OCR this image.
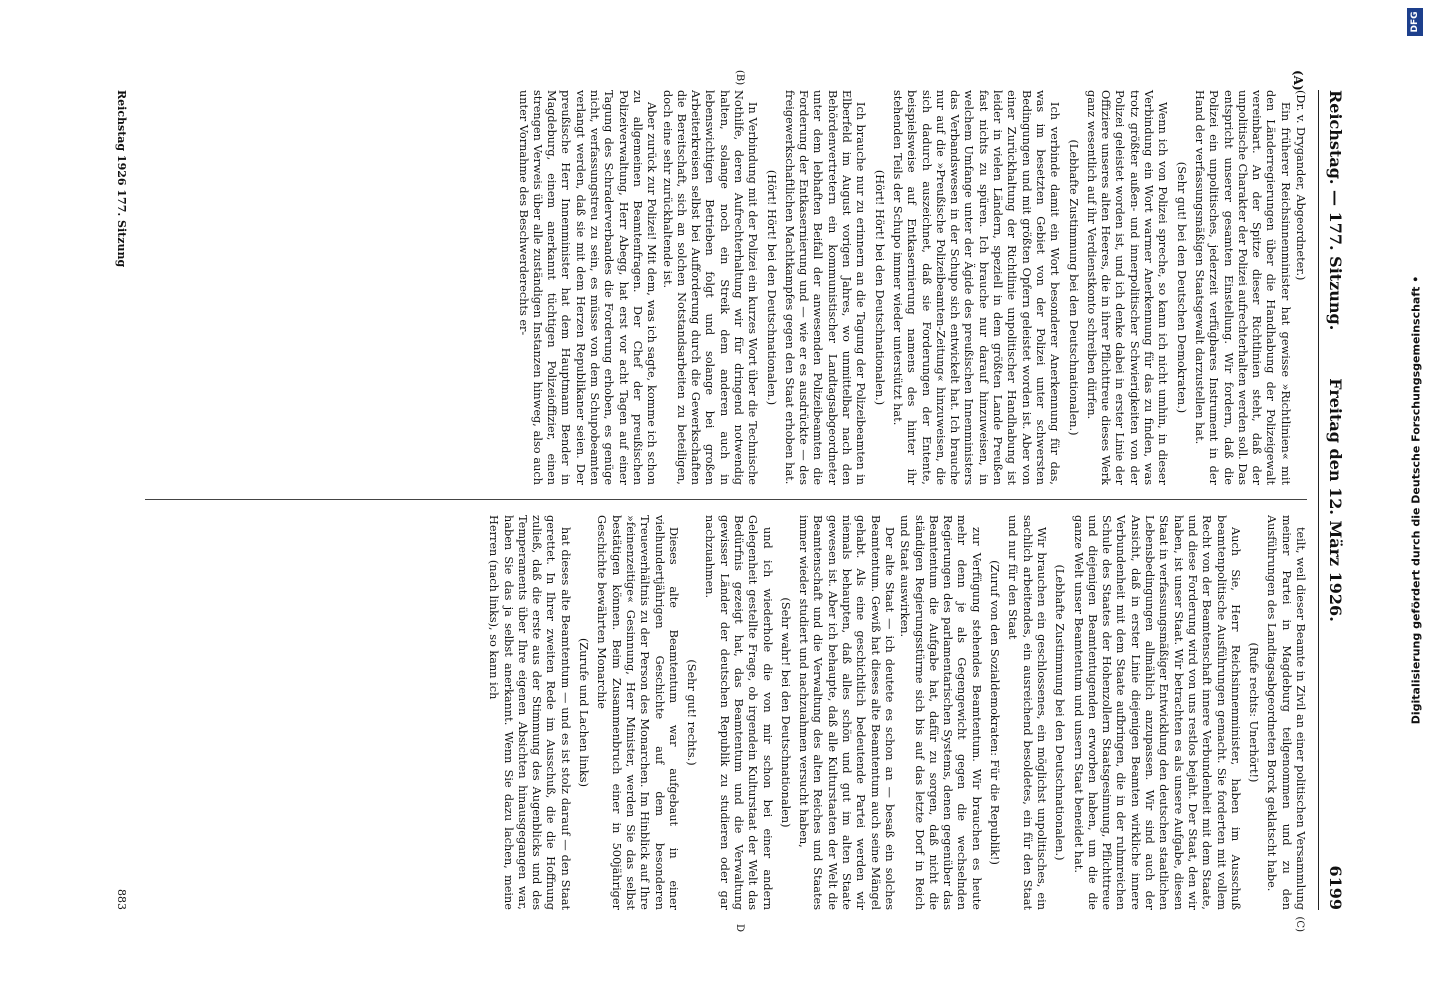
Reichstag. — 177. Sitzung.
Freitag den 12. März 1926.
6199
(A)
(B)
(C)
D

(Dr. v. Drygander, Abgeordneter.)

Ein früherer Reichsinnenminister hat gewisse »Richtlinien« mit den Länderregierungen über die Handhabung der Polizeigewalt vereinbart. An der Spitze dieser Richtlinien steht, daß der unpolitische Charakter der Polizei aufrechterhalten werden soll. Das entspricht unserer gesamten Einstellung. Wir fordern, daß die Polizei ein unpolitisches, jederzeit verfügbares Instrument in der Hand der verfassungsmäßigen Staatsgewalt darzustellen hat.

(Sehr gut! bei den Deutschen Demokraten.)

Wenn ich von Polizei spreche, so kann ich nicht umhin, in dieser Verbindung ein Wort warmer Anerkennung für das zu finden, was trotz größter außen- und innerpolitischer Schwierigkeiten von der Polizei geleistet worden ist, und ich denke dabei in erster Linie der Offiziere unseres alten Heeres, die in ihrer Pflichttreue dieses Werk ganz wesentlich auf ihr Verdienstkonto schreiben dürfen.

(Lebhafte Zustimmung bei den Deutschnationalen.)

Ich verbinde damit ein Wort besonderer Anerkennung für das, was im besetzten Gebiet von der Polizei unter schwersten Bedingungen und mit größten Opfern geleistet worden ist. Aber von einer Zurückhaltung der Richtlinie unpolitischer Handhabung ist leider in vielen Ländern, speziell in dem größten Lande Preußen fast nichts zu spüren. Ich brauche nur darauf hinzuweisen, in welchem Umfange unter der Ägide des preußischen Innenministers das Verbandswesen in der Schupo sich entwickelt hat. Ich brauche nur auf die »Preußische Polizeibeamten-Zeitung« hinzuweisen, die sich dadurch auszeichnet, daß sie Forderungen der Entente, beispielsweise auf Entkasernierung namens des hinter ihr stehenden Teils der Schupo immer wieder unterstützt hat.

(Hört! Hört! bei den Deutschnationalen.)

Ich brauche nur zu erinnern an die Tagung der Polizeibeamten in Elberfeld im August vorigen Jahres, wo unmittelbar nach den Behördenvertretern ein kommunistischer Landtagsabgeordneter unter dem lebhaften Beifall der anwesenden Polizeibeamten die Forderung der Entkasernierung und — wie er es ausdrückte — des freigewerkschaftlichen Machtkampfes gegen den Staat erhoben hat.

(Hört! Hört! bei den Deutschnationalen.)

In Verbindung mit der Polizei ein kurzes Wort über die Technische Nothilfe, deren Aufrechterhaltung wir für dringend notwendig halten, solange noch ein Streik dem anderen auch in lebenswichtigen Betrieben folgt und solange bei großen Arbeiterkreisen selbst bei Aufforderung durch die Gewerkschaften die Bereitschaft, sich an solchen Notstandsarbeiten zu beteiligen, doch eine sehr zurückhaltende ist.

Aber zurück zur Polizei! Mit dem, was ich sagte, komme ich schon zu allgemeinen Beamtenfragen. Der Chef der preußischen Polizeiverwaltung, Herr Abegg, hat erst vor acht Tagen auf einer Tagung des Schraderverbandes die Forderung erhoben, es genüge nicht, verfassungstreu zu sein, es müsse von dem Schupobeamten verlangt werden, daß sie mit dem Herzen Republikaner seien. Der preußische Herr Innenminister hat dem Hauptmann Bender in Magdeburg, einem anerkannt tüchtigen Polizeioffizier, einen strengen Verweis über alle zuständigen Instanzen hinweg, also auch unter Vornahme des Beschwerderechts er-

teilt, weil dieser Beamte in Zivil an einer politischen Versammlung meiner Partei in Magdeburg teilgenommen und zu den Ausführungen des Landtagsabgeordneten Borck geklatscht habe.

(Rufe rechts: Unerhört!)

Auch Sie, Herr Reichsinnenminister, haben im Ausschuß beamtenpolitische Ausführungen gemacht. Sie forderten mit vollem Recht von der Beamtenschaft innere Verbundenheit mit dem Staate, und diese Forderung wird von uns restlos bejaht. Der Staat, den wir haben, ist unser Staat. Wir betrachten es als unsere Aufgabe, diesen Staat in verfassungsmäßiger Entwicklung den deutschen staatlichen Lebensbedingungen allmählich anzupassen. Wir sind auch der Ansicht, daß in erster Linie diejenigen Beamten wirkliche innere Verbundenheit mit dem Staate aufbringen, die in der ruhmreichen Schule des Staates der Hohenzollern Staatsgesinnung, Pflichttreue und diejenigen Beamtentugenden erworben haben, um die die ganze Welt unser Beamtentum und unsern Staat beneidet hat.

(Lebhafte Zustimmung bei den Deutschnationalen.)

Wir brauchen ein geschlossenes, ein möglichst unpolitisches, ein sachlich arbeitendes, ein ausreichend besoldetes, ein für den Staat und nur für den Staat

(Zuruf von den Sozialdemokraten: Für die Republik!)

zur Verfügung stehendes Beamtentum. Wir brauchen es heute mehr denn je als Gegengewicht gegen die wechselnden Regierungen des parlamentarischen Systems, denen gegenüber das Beamtentum die Aufgabe hat, dafür zu sorgen, daß nicht die ständigen Regierungsstürme sich bis auf das letzte Dorf in Reich und Staat auswirken.

Der alte Staat — ich deutete es schon an — besaß ein solches Beamtentum. Gewiß hat dieses alte Beamtentum auch seine Mängel gehabt. Als eine geschichtlich bedeutende Partei werden wir niemals behaupten, daß alles schön und gut im alten Staate gewesen ist. Aber ich behaupte, daß alle Kulturstaaten der Welt die Beamtenschaft und die Verwaltung des alten Reiches und Staates immer wieder studiert und nachzuahmen versucht haben,

(Sehr wahr! bei den Deutschnationalen)

und ich wiederhole die von mir schon bei einer andern Gelegenheit gestellte Frage, ob irgendein Kulturstaat der Welt das Bedürfnis gezeigt hat, das Beamtentum und die Verwaltung gewisser Länder der deutschen Republik zu studieren oder gar nachzuahmen.

(Sehr gut! rechts.)

Dieses alte Beamtentum war aufgebaut in einer vielhundertjährigen Geschichte auf dem besonderen Treueverhältnis zu der Person des Monarchen. Im Hinblick auf Ihre »feinenzeitige« Gesinnung, Herr Minister, werden Sie das selbst bestätigen können. Beim Zusammenbruch einer in 500jähriger Geschichte bewährten Monarchie

(Zurufe und Lachen links)

hat dieses alte Beamtentum — und es ist stolz darauf — den Staat gerettet. In Ihrer zweiten Rede im Ausschuß, die die Hoffnung zuließ, daß die erste aus der Stimmung des Augenblicks und des Temperaments über Ihre eigenen Absichten hinausgegangen war, haben Sie das ja selbst anerkannt. Wenn Sie dazu lachen, meine Herren (nach links), so kann ich

Reichstag 1926 177. Sitzung
883
DFG
Digitalisierung gefördert durch die Deutsche Forschungsgemeinschaft •
